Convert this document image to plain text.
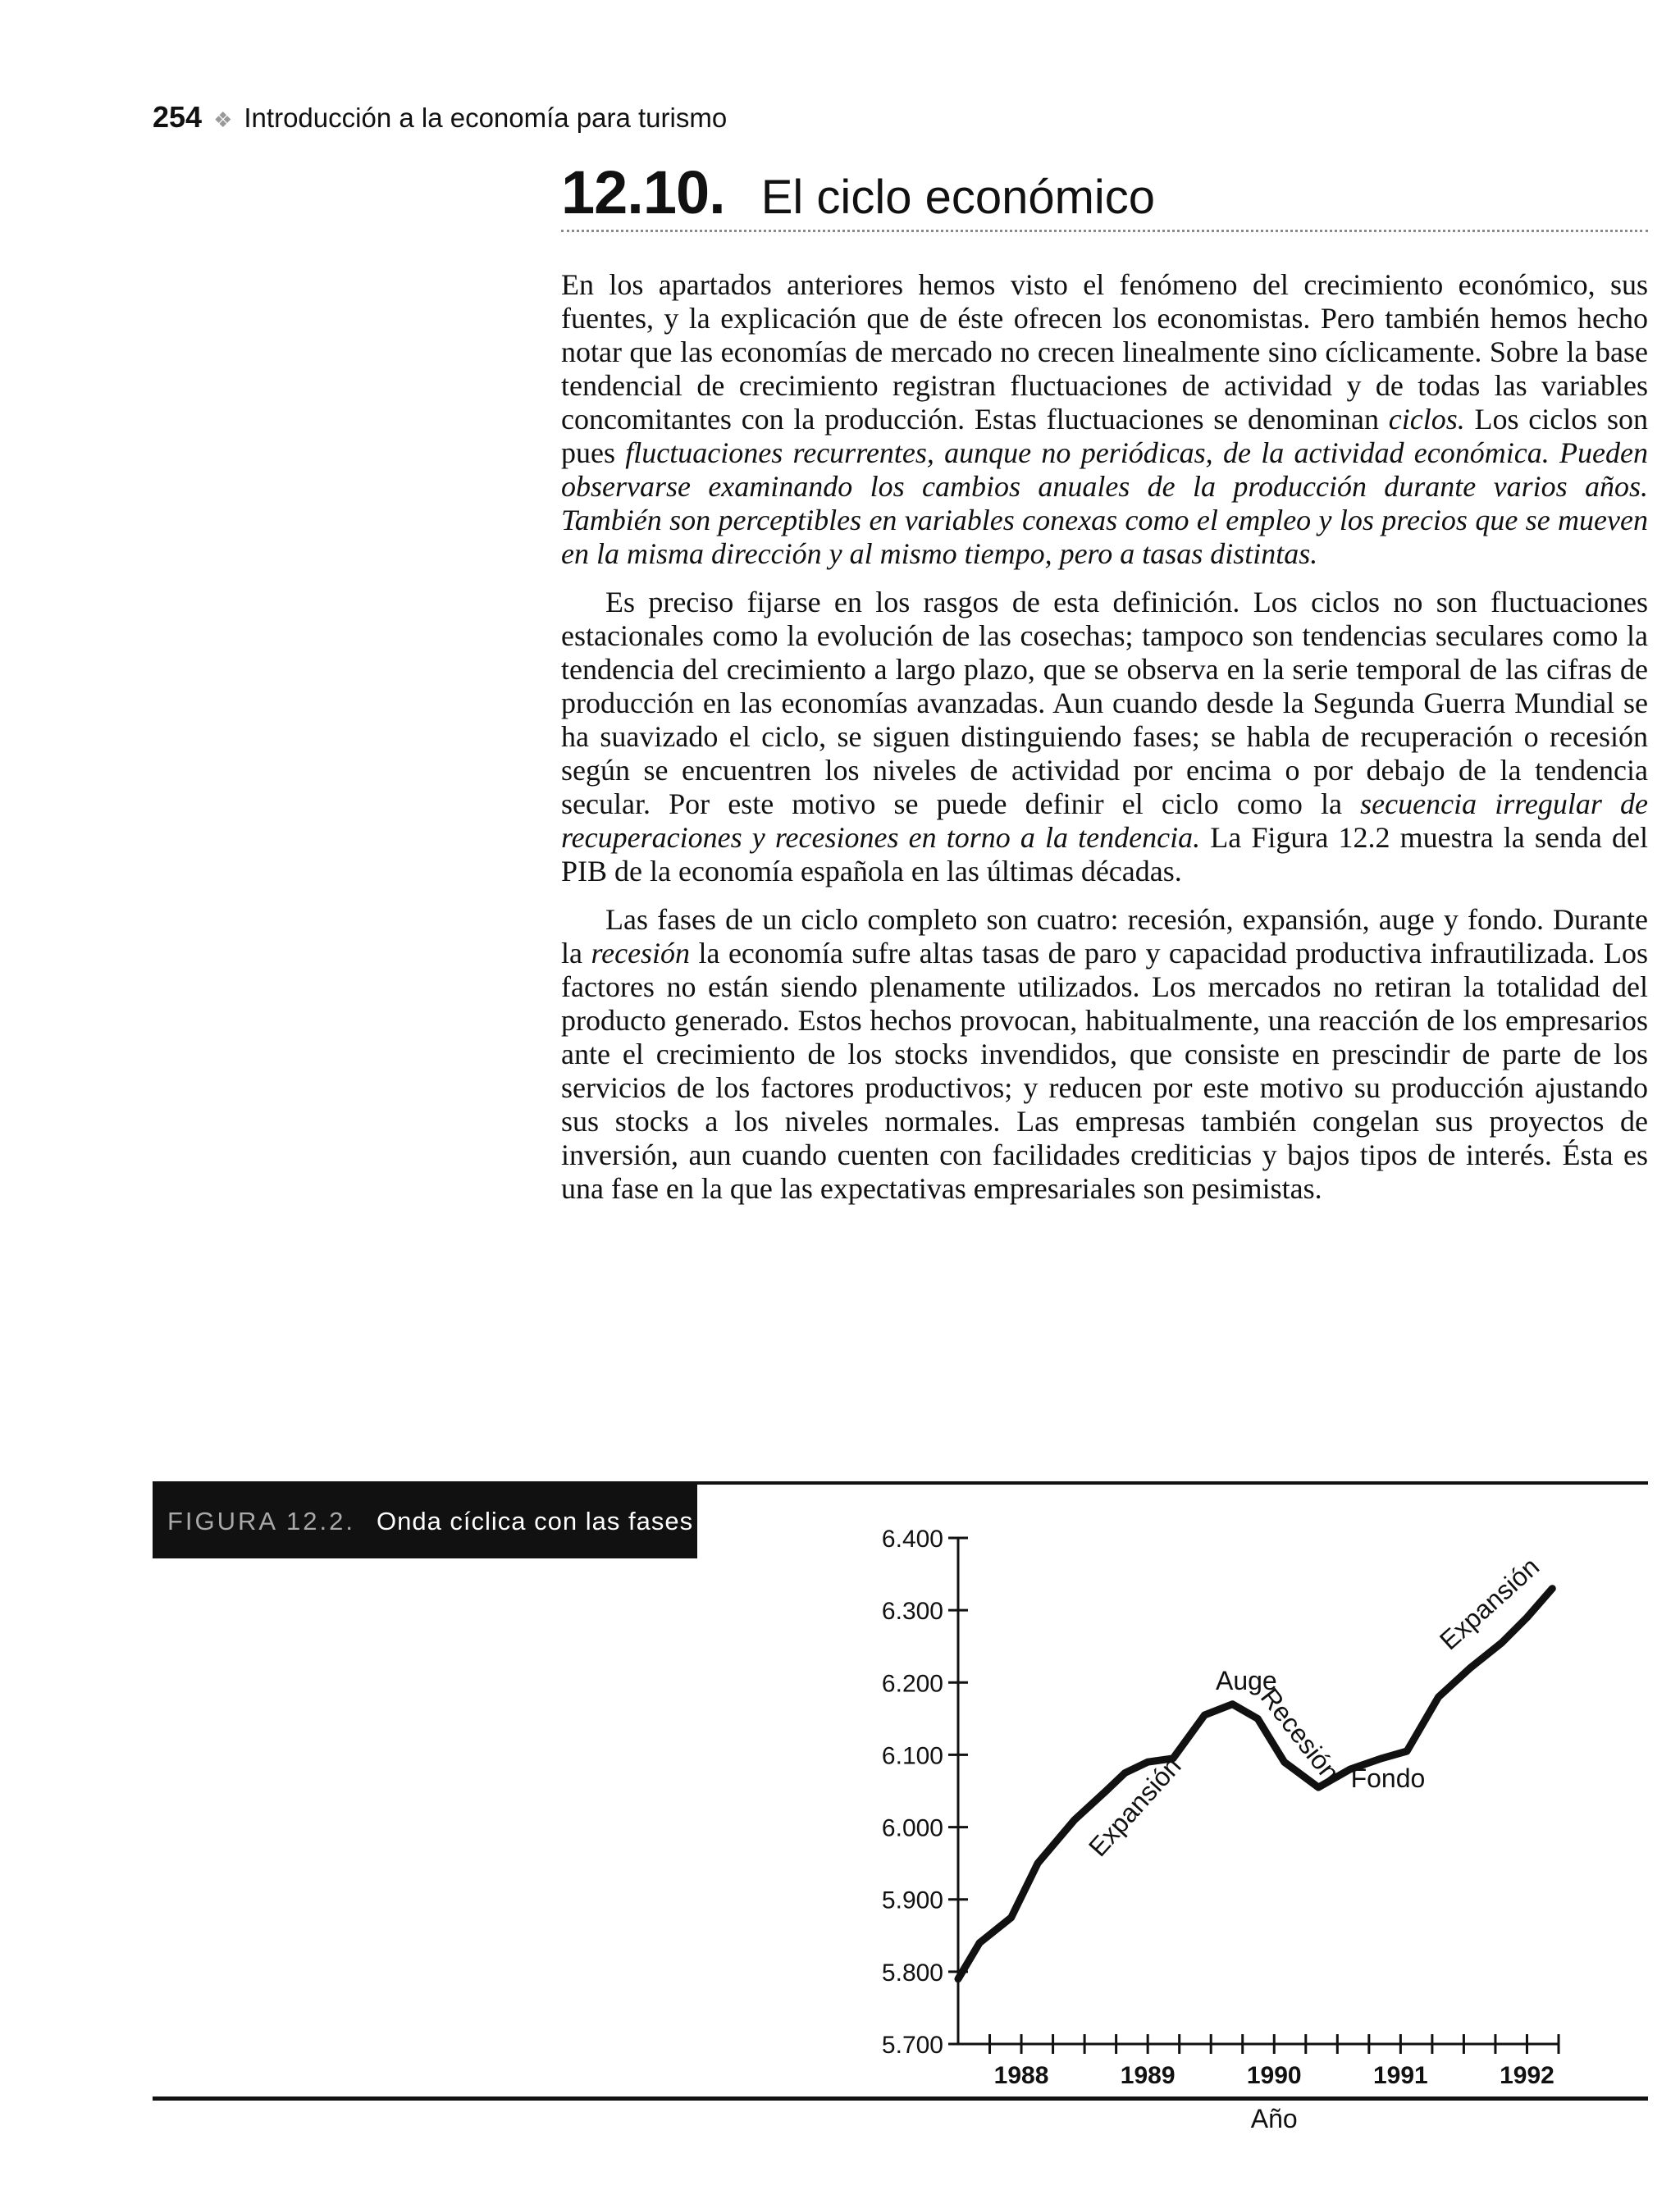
254 ❖ Introducción a la economía para turismo
12.10. El ciclo económico

En los apartados anteriores hemos visto el fenómeno del crecimiento económico, sus fuentes, y la explicación que de éste ofrecen los economistas. Pero también hemos hecho notar que las economías de mercado no crecen linealmente sino cíclicamente. Sobre la base tendencial de crecimiento registran fluctuaciones de actividad y de todas las variables concomitantes con la producción. Estas fluctuaciones se denominan ciclos. Los ciclos son pues fluctuaciones recurrentes, aunque no periódicas, de la actividad económica. Pueden observarse examinando los cambios anuales de la producción durante varios años. También son perceptibles en variables conexas como el empleo y los precios que se mueven en la misma dirección y al mismo tiempo, pero a tasas distintas.

Es preciso fijarse en los rasgos de esta definición. Los ciclos no son fluctuaciones estacionales como la evolución de las cosechas; tampoco son tendencias seculares como la tendencia del crecimiento a largo plazo, que se observa en la serie temporal de las cifras de producción en las economías avanzadas. Aun cuando desde la Segunda Guerra Mundial se ha suavizado el ciclo, se siguen distinguiendo fases; se habla de recuperación o recesión según se encuentren los niveles de actividad por encima o por debajo de la tendencia secular. Por este motivo se puede definir el ciclo como la secuencia irregular de recuperaciones y recesiones en torno a la tendencia. La Figura 12.2 muestra la senda del PIB de la economía española en las últimas décadas.

Las fases de un ciclo completo son cuatro: recesión, expansión, auge y fondo. Durante la recesión la economía sufre altas tasas de paro y capacidad productiva infrautilizada. Los factores no están siendo plenamente utilizados. Los mercados no retiran la totalidad del producto generado. Estos hechos provocan, habitualmente, una reacción de los empresarios ante el crecimiento de los stocks invendidos, que consiste en prescindir de parte de los servicios de los factores productivos; y reducen por este motivo su producción ajustando sus stocks a los niveles normales. Las empresas también congelan sus proyectos de inversión, aun cuando cuenten con facilidades crediticias y bajos tipos de interés. Ésta es una fase en la que las expectativas empresariales son pesimistas.

FIGURA 12.2. Onda cíclica con las fases
5.700
5.800
5.900
6.000
6.100
6.200
6.300
6.400
1988	1989	1990	1991	1992
Año
Expansión
Auge
Recesión Fondo
Expansión
